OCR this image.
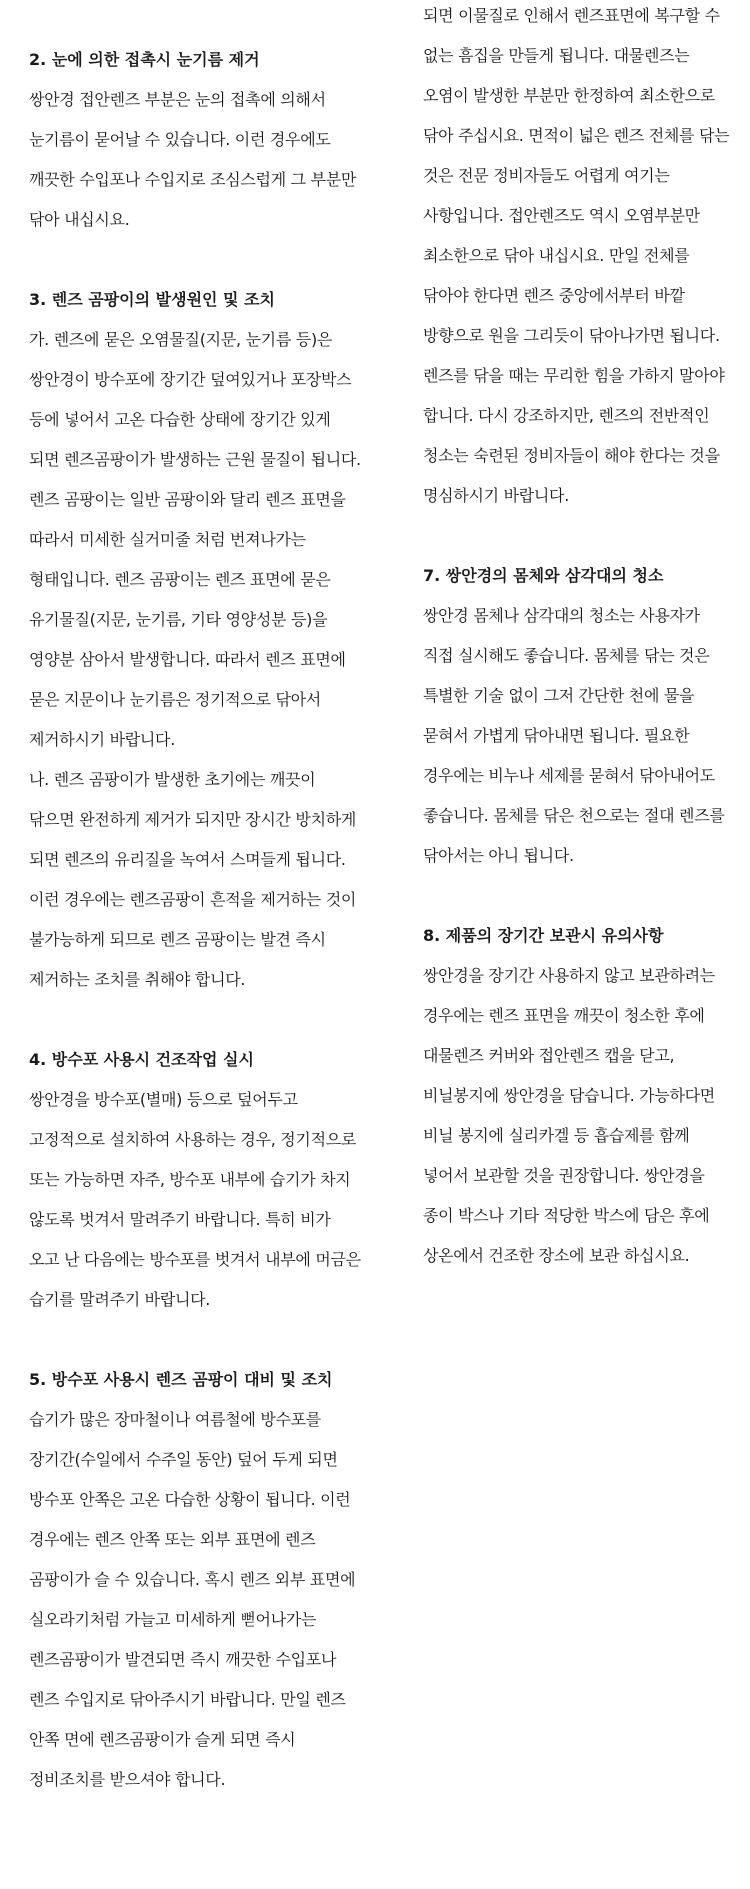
2. 눈에 의한 접촉시 눈기름 제거
쌍안경 접안렌즈 부분은 눈의 접촉에 의해서
눈기름이 묻어날 수 있습니다. 이런 경우에도
깨끗한 수입포나 수입지로 조심스럽게 그 부분만
닦아 내십시요.
3. 렌즈 곰팡이의 발생원인 및 조치
가. 렌즈에 묻은 오염물질(지문, 눈기름 등)은
쌍안경이 방수포에 장기간 덮여있거나 포장박스
등에 넣어서 고온 다습한 상태에 장기간 있게
되면 렌즈곰팡이가 발생하는 근원 물질이 됩니다.
렌즈 곰팡이는 일반 곰팡이와 달리 렌즈 표면을
따라서 미세한 실거미줄 처럼 번져나가는
형태입니다. 렌즈 곰팡이는 렌즈 표면에 묻은
유기물질(지문, 눈기름, 기타 영양성분 등)을
영양분 삼아서 발생합니다. 따라서 렌즈 표면에
묻은 지문이나 눈기름은 정기적으로 닦아서
제거하시기 바랍니다.
나. 렌즈 곰팡이가 발생한 초기에는 깨끗이
닦으면 완전하게 제거가 되지만 장시간 방치하게
되면 렌즈의 유리질을 녹여서 스며들게 됩니다.
이런 경우에는 렌즈곰팡이 흔적을 제거하는 것이
불가능하게 되므로 렌즈 곰팡이는 발견 즉시
제거하는 조치를 취해야 합니다.
4. 방수포 사용시 건조작업 실시
쌍안경을 방수포(별매) 등으로 덮어두고
고정적으로 설치하여 사용하는 경우, 정기적으로
또는 가능하면 자주, 방수포 내부에 습기가 차지
않도록 벗겨서 말려주기 바랍니다. 특히 비가
오고 난 다음에는 방수포를 벗겨서 내부에 머금은
습기를 말려주기 바랍니다.
5. 방수포 사용시 렌즈 곰팡이 대비 및 조치
습기가 많은 장마철이나 여름철에 방수포를
장기간(수일에서 수주일 동안) 덮어 두게 되면
방수포 안쪽은 고온 다습한 상황이 됩니다. 이런
경우에는 렌즈 안쪽 또는 외부 표면에 렌즈
곰팡이가 슬 수 있습니다. 혹시 렌즈 외부 표면에
실오라기처럼 가늘고 미세하게 뻗어나가는
렌즈곰팡이가 발견되면 즉시 깨끗한 수입포나
렌즈 수입지로 닦아주시기 바랍니다. 만일 렌즈
안쪽 면에 렌즈곰팡이가 슬게 되면 즉시
정비조치를 받으셔야 합니다.
되면 이물질로 인해서 렌즈표면에 복구할 수
없는 흠집을 만들게 됩니다. 대물렌즈는
오염이 발생한 부분만 한정하여 최소한으로
닦아 주십시요. 면적이 넓은 렌즈 전체를 닦는
것은 전문 정비자들도 어렵게 여기는
사항입니다. 접안렌즈도 역시 오염부분만
최소한으로 닦아 내십시요. 만일 전체를
닦아야 한다면 렌즈 중앙에서부터 바깥
방향으로 원을 그리듯이 닦아나가면 됩니다.
렌즈를 닦을 때는 무리한 힘을 가하지 말아야
합니다. 다시 강조하지만, 렌즈의 전반적인
청소는 숙련된 정비자들이 해야 한다는 것을
명심하시기 바랍니다.
7. 쌍안경의 몸체와 삼각대의 청소
쌍안경 몸체나 삼각대의 청소는 사용자가
직접 실시해도 좋습니다. 몸체를 닦는 것은
특별한 기술 없이 그저 간단한 천에 물을
묻혀서 가볍게 닦아내면 됩니다. 필요한
경우에는 비누나 세제를 묻혀서 닦아내어도
좋습니다. 몸체를 닦은 천으로는 절대 렌즈를
닦아서는 아니 됩니다.
8. 제품의 장기간 보관시 유의사항
쌍안경을 장기간 사용하지 않고 보관하려는
경우에는 렌즈 표면을 깨끗이 청소한 후에
대물렌즈 커버와 접안렌즈 캡을 닫고,
비닐봉지에 쌍안경을 담습니다. 가능하다면
비닐 봉지에 실리카겔 등 흡습제를 함께
넣어서 보관할 것을 권장합니다. 쌍안경을
종이 박스나 기타 적당한 박스에 담은 후에
상온에서 건조한 장소에 보관 하십시요.
